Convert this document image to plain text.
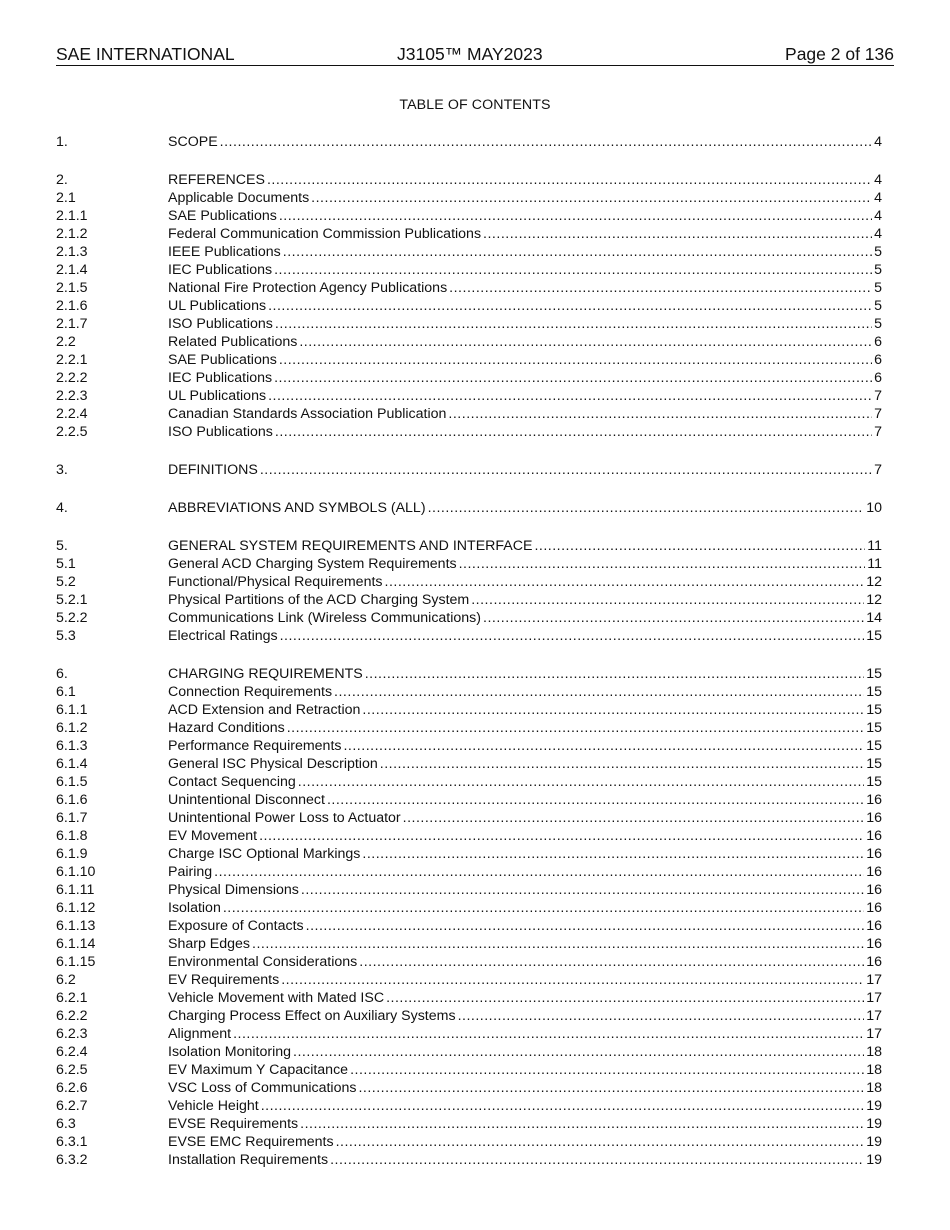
SAE INTERNATIONAL	J3105™ MAY2023	Page 2 of 136
TABLE OF CONTENTS
1.	SCOPE .....	4
2.	REFERENCES .....	4
2.1	Applicable Documents .....	4
2.1.1	SAE Publications .....	4
2.1.2	Federal Communication Commission Publications .....	4
2.1.3	IEEE Publications .....	5
2.1.4	IEC Publications .....	5
2.1.5	National Fire Protection Agency Publications .....	5
2.1.6	UL Publications .....	5
2.1.7	ISO Publications .....	5
2.2	Related Publications .....	6
2.2.1	SAE Publications .....	6
2.2.2	IEC Publications .....	6
2.2.3	UL Publications .....	7
2.2.4	Canadian Standards Association Publication .....	7
2.2.5	ISO Publications .....	7
3.	DEFINITIONS .....	7
4.	ABBREVIATIONS AND SYMBOLS (ALL) .....	10
5.	GENERAL SYSTEM REQUIREMENTS AND INTERFACE .....	11
5.1	General ACD Charging System Requirements .....	11
5.2	Functional/Physical Requirements .....	12
5.2.1	Physical Partitions of the ACD Charging System .....	12
5.2.2	Communications Link (Wireless Communications) .....	14
5.3	Electrical Ratings .....	15
6.	CHARGING REQUIREMENTS .....	15
6.1	Connection Requirements .....	15
6.1.1	ACD Extension and Retraction .....	15
6.1.2	Hazard Conditions .....	15
6.1.3	Performance Requirements .....	15
6.1.4	General ISC Physical Description .....	15
6.1.5	Contact Sequencing .....	15
6.1.6	Unintentional Disconnect .....	16
6.1.7	Unintentional Power Loss to Actuator .....	16
6.1.8	EV Movement .....	16
6.1.9	Charge ISC Optional Markings .....	16
6.1.10	Pairing .....	16
6.1.11	Physical Dimensions .....	16
6.1.12	Isolation .....	16
6.1.13	Exposure of Contacts .....	16
6.1.14	Sharp Edges .....	16
6.1.15	Environmental Considerations .....	16
6.2	EV Requirements .....	17
6.2.1	Vehicle Movement with Mated ISC .....	17
6.2.2	Charging Process Effect on Auxiliary Systems .....	17
6.2.3	Alignment .....	17
6.2.4	Isolation Monitoring .....	18
6.2.5	EV Maximum Y Capacitance .....	18
6.2.6	VSC Loss of Communications .....	18
6.2.7	Vehicle Height .....	19
6.3	EVSE Requirements .....	19
6.3.1	EVSE EMC Requirements .....	19
6.3.2	Installation Requirements .....	19
